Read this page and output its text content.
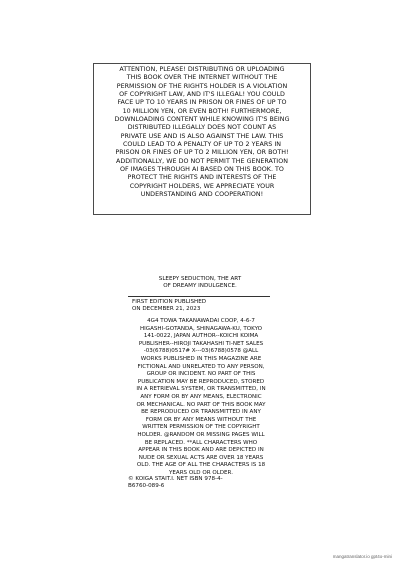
ATTENTION, PLEASE! DISTRIBUTING OR UPLOADING
THIS BOOK OVER THE INTERNET WITHOUT THE
PERMISSION OF THE RIGHTS HOLDER IS A VIOLATION
OF COPYRIGHT LAW, AND IT'S ILLEGAL! YOU COULD
FACE UP TO 10 YEARS IN PRISON OR FINES OF UP TO
10 MILLION YEN, OR EVEN BOTH! FURTHERMORE,
DOWNLOADING CONTENT WHILE KNOWING IT'S BEING
DISTRIBUTED ILLEGALLY DOES NOT COUNT AS
PRIVATE USE AND IS ALSO AGAINST THE LAW. THIS
COULD LEAD TO A PENALTY OF UP TO 2 YEARS IN
PRISON OR FINES OF UP TO 2 MILLION YEN, OR BOTH!
ADDITIONALLY, WE DO NOT PERMIT THE GENERATION
OF IMAGES THROUGH AI BASED ON THIS BOOK. TO
PROTECT THE RIGHTS AND INTERESTS OF THE
COPYRIGHT HOLDERS, WE APPRECIATE YOUR
UNDERSTANDING AND COOPERATION!

SLEEPY SEDUCTION, THE ART
OF DREAMY INDULGENCE.

FIRST EDITION PUBLISHED
ON DECEMBER 21, 2023

4G4 TOWA TAKANAWADAI COOP, 4-6-7
HIGASHI-GOTANDA, SHINAGAWA-KU, TOKYO
141-0022, JAPAN AUTHOR--KOICHI KOIMA
PUBLISHER--HIROJI TAKAHASHI TI-NET SALES
-03(6788)0517# X---03(6788)0578 @ALL
WORKS PUBLISHED IN THIS MAGAZINE ARE
FICTIONAL AND UNRELATED TO ANY PERSON,
GROUP OR INCIDENT. NO PART OF THIS
PUBLICATION MAY BE REPRODUCED, STORED
IN A RETRIEVAL SYSTEM, OR TRANSMITTED, IN
ANY FORM OR BY ANY MEANS, ELECTRONIC
OR MECHANICAL. NO PART OF THIS BOOK MAY
BE REPRODUCED OR TRANSMITTED IN ANY
FORM OR BY ANY MEANS WITHOUT THE
WRITTEN PERMISSION OF THE COPYRIGHT
HOLDER. @RANDOM OR MISSING PAGES WILL
BE REPLACED. **ALL CHARACTERS WHO
APPEAR IN THIS BOOK AND ARE DEPICTED IN
NUDE OR SEXUAL ACTS ARE OVER 18 YEARS
OLD. THE AGE OF ALL THE CHARACTERS IS 18
YEARS OLD OR OLDER.

© KOIGA STAIT.I. NET ISBN 978-4-
B6760-089-6

mangatranslator.io gpt4o-mini
